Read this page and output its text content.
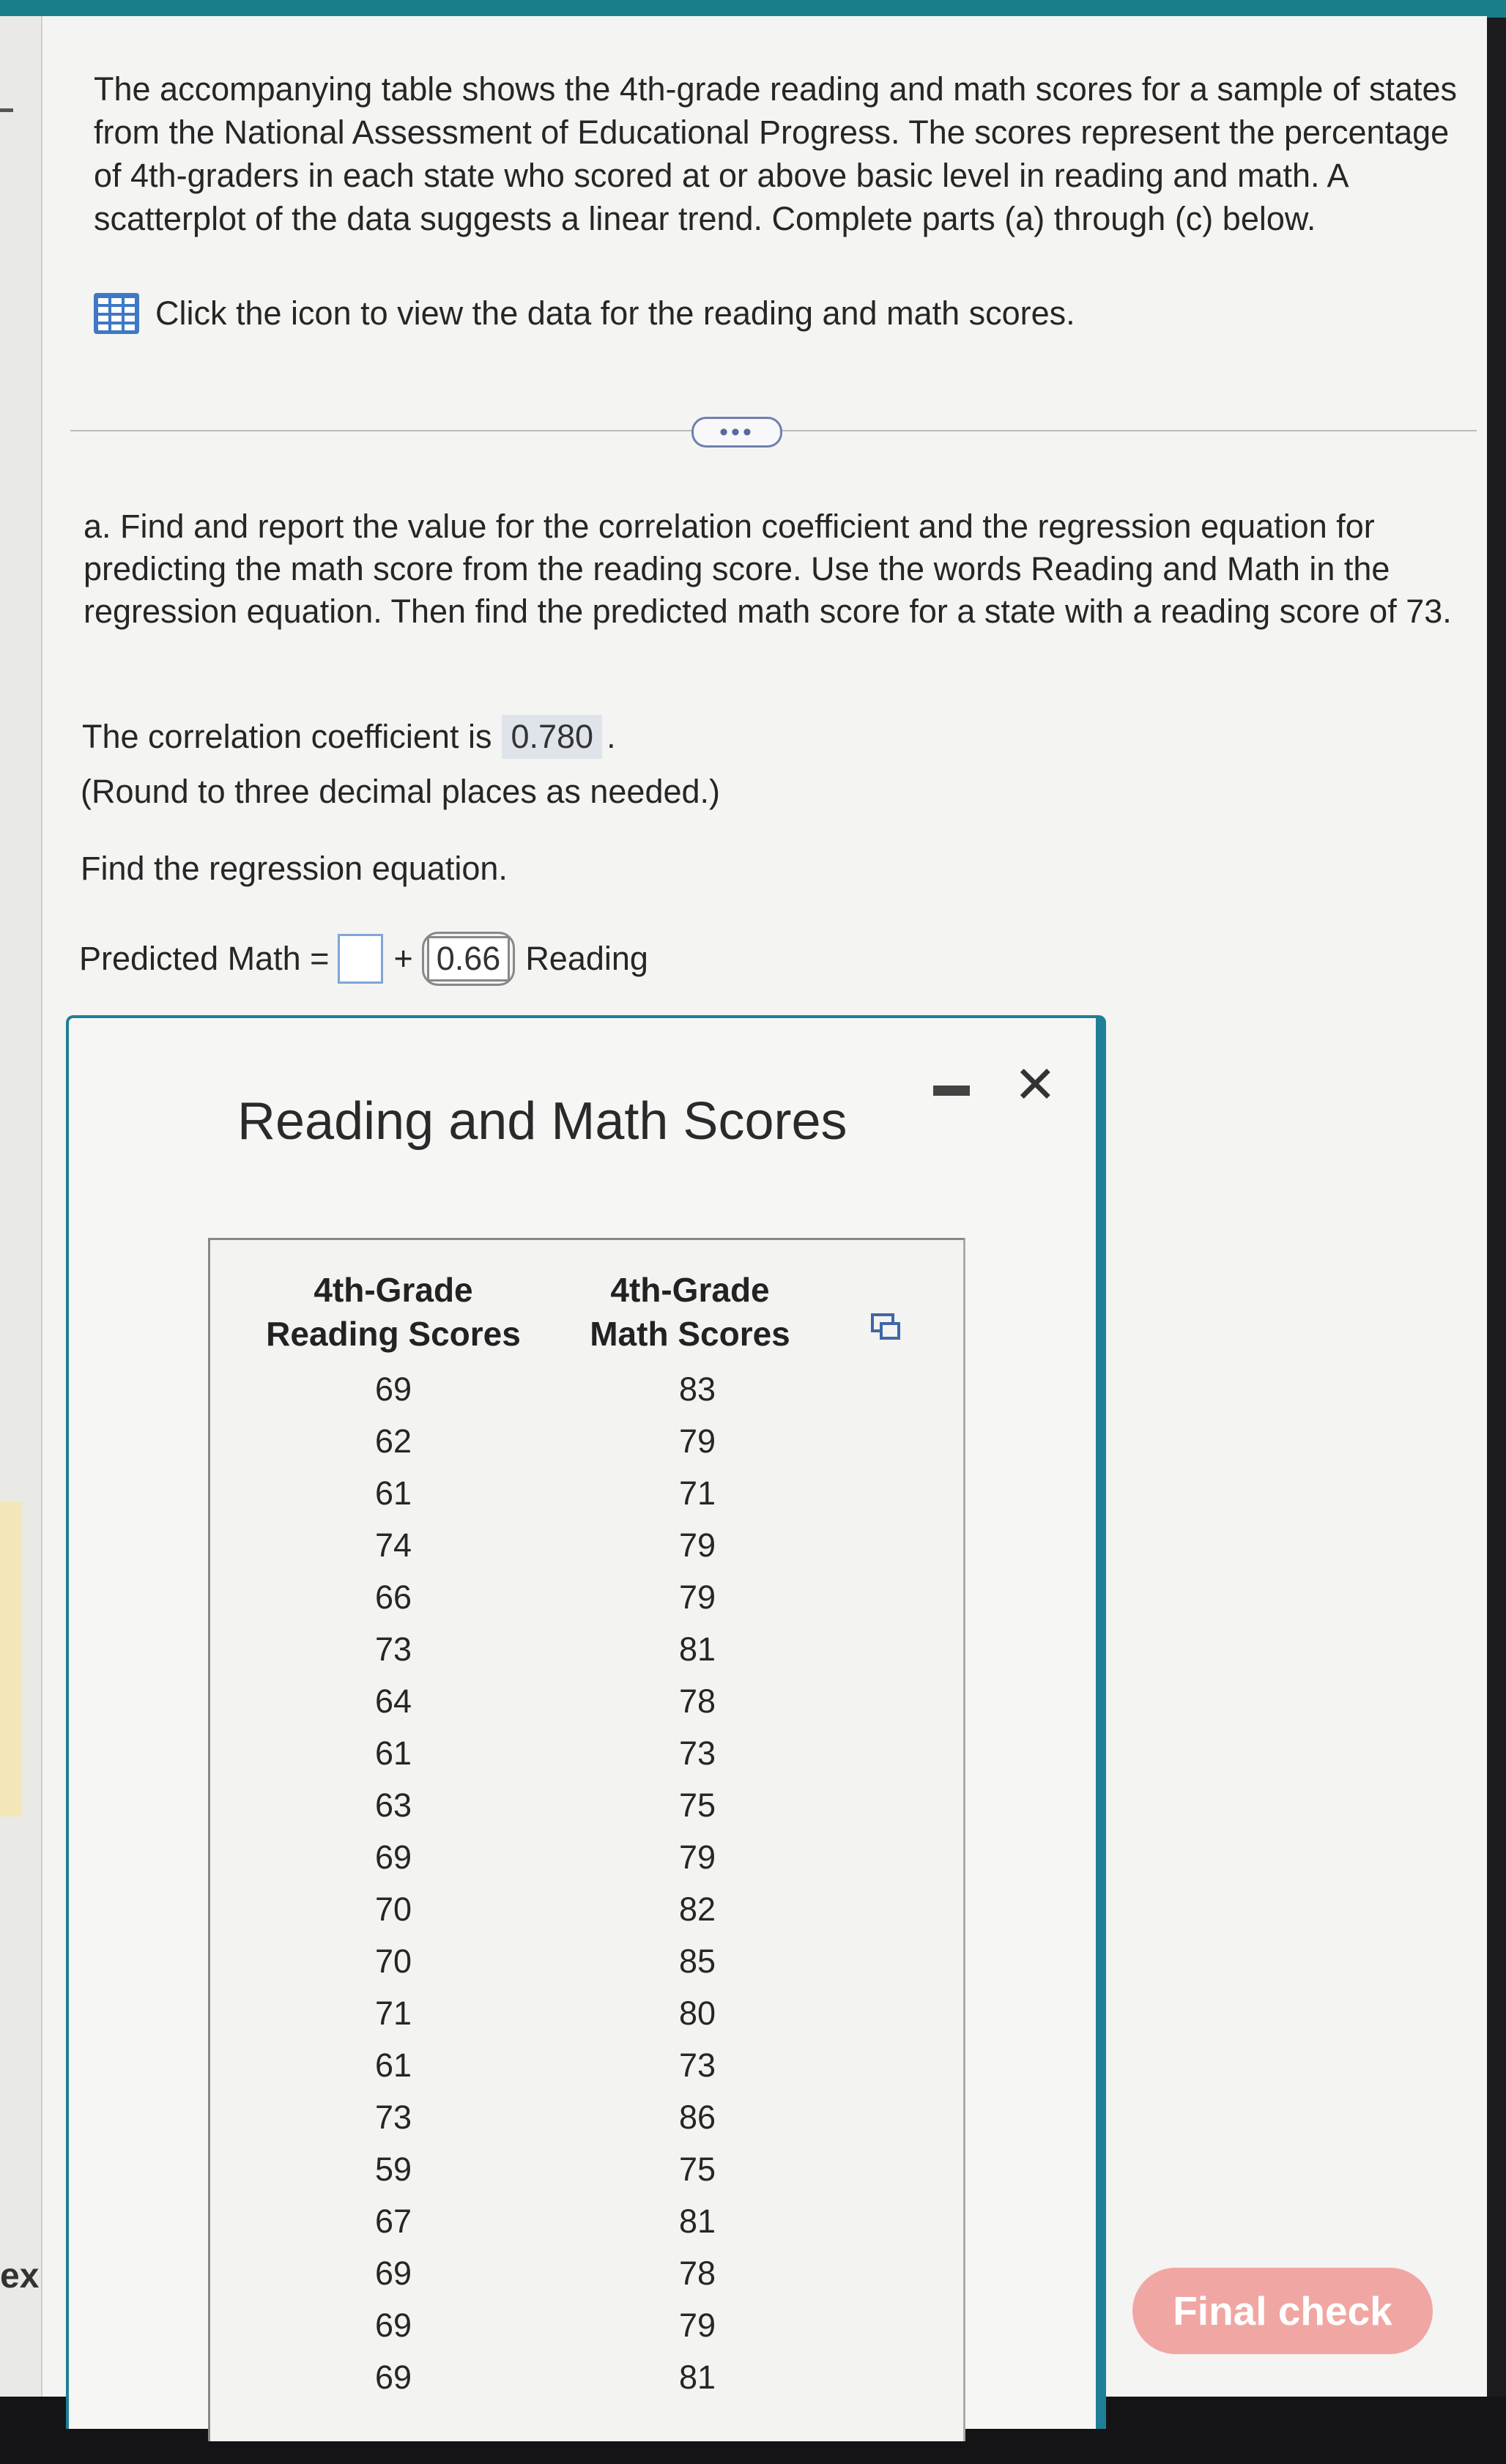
ex
The accompanying table shows the 4th-grade reading and math scores for a sample of states from the National Assessment of Educational Progress. The scores represent the percentage of 4th-graders in each state who scored at or above basic level in reading and math. A scatterplot of the data suggests a linear trend. Complete parts (a) through (c) below.
Click the icon to view the data for the reading and math scores.
•••
a. Find and report the value for the correlation coefficient and the regression equation for predicting the math score from the reading score. Use the words Reading and Math in the regression equation. Then find the predicted math score for a state with a reading score of 73.
The correlation coefficient is 0.780 .
(Round to three decimal places as needed.)
Find the regression equation.
Predicted Math = + 0.66 Reading
Reading and Math Scores
✕
4th-Grade
Reading Scores
4th-Grade
Math Scores
69	83
62	79
61	71
74	79
66	79
73	81
64	78
61	73
63	75
69	79
70	82
70	85
71	80
61	73
73	86
59	75
67	81
69	78
69	79
69	81
Final check
